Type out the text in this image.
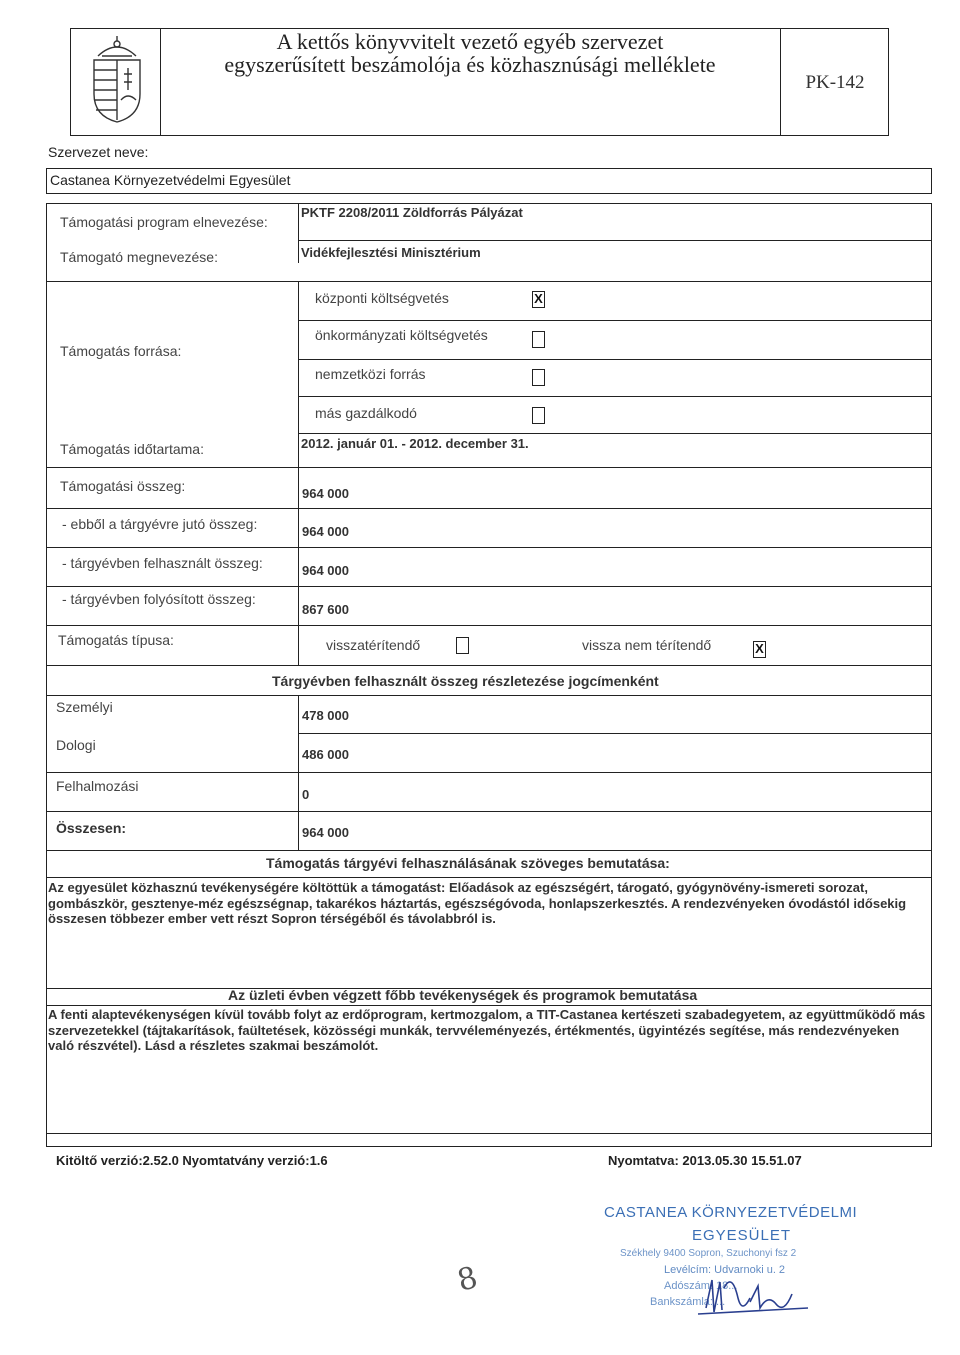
A kettős könyvvitelt vezető egyéb szervezet
egyszerűsített beszámolója és közhasznúsági melléklete
PK-142
Szervezet neve:
Castanea Környezetvédelmi Egyesület
Támogatási program elnevezése:
PKTF 2208/2011 Zöldforrás Pályázat
Támogató megnevezése:	Vidékfejlesztési Minisztérium
Támogatás forrása:
központi költségvetés	X
önkormányzati költségvetés
nemzetközi forrás
más gazdálkodó
Támogatás időtartama:	2012. január 01. - 2012. december 31.
Támogatási összeg:	964 000
- ebből a tárgyévre jutó összeg:	964 000
- tárgyévben felhasznált összeg:	964 000
- tárgyévben folyósított összeg:
867 600
Támogatás típusa:	visszatérítendő	vissza nem térítendő	X
Tárgyévben felhasznált összeg részletezése jogcímenként
Személyi
478 000
Dologi
486 000
Felhalmozási
0
Összesen:	964 000
Támogatás tárgyévi felhasználásának szöveges bemutatása:
Az egyesület közhasznú tevékenységére költöttük a támogatást: Előadások az egészségért, tárogató, gyógynövény-ismereti sorozat, gombászkör, gesztenye-méz egészségnap, takarékos háztartás, egészségóvoda, honlapszerkesztés. A rendezvényeken óvodástól idősekig összesen többezer ember vett részt Sopron térségéből és távolabbról is.
Az üzleti évben végzett főbb tevékenységek és programok bemutatása
A fenti alaptevékenységen kívül tovább folyt az erdőprogram, kertmozgalom, a TIT-Castanea kertészeti szabadegyetem, az együttműködő más szervezetekkel (tájtakarítások, faültetések, közösségi munkák, tervvéleményezés, értékmentés, ügyintézés segítése, más rendezvényeken való részvétel). Lásd a részletes szakmai beszámolót.
Kitöltő verzió:2.52.0 Nyomtatvány verzió:1.6	Nyomtatva: 2013.05.30 15.51.07
CASTANEA KÖRNYEZETVÉDELMI
EGYESÜLET
Székhely 9400 Sopron, Szuchonyi fsz 2
Levélcím: Udvarnoki u. 2
Adószám: 18...
Bankszámla: ...
8
